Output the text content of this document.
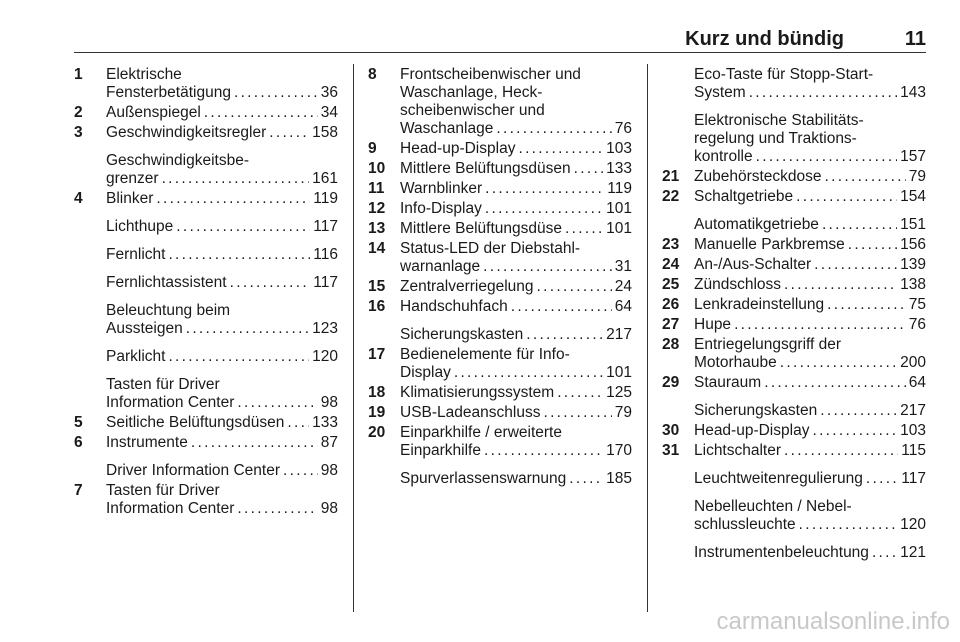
Kurz und bündig	11
1 Elektrische
Fensterbetätigung . . .	36
2 Außenspiegel . . .	34
3 Geschwindigkeitsregler . . .	158
Geschwindigkeitsbe-
grenzer . . .	161
4 Blinker . . .	119
Lichthupe . . .	117
Fernlicht . . .	116
Fernlichtassistent . . .	117
Beleuchtung beim
Aussteigen . . .	123
Parklicht . . .	120
Tasten für Driver
Information Center . . .	98
5 Seitliche Belüftungsdüsen . . . 133
6 Instrumente . . .	87
Driver Information Center . . .	98
7 Tasten für Driver
Information Center . . .	98
8 Frontscheibenwischer und
Waschanlage, Heck-
scheibenwischer und
Waschanlage . . .	76
9 Head-up-Display . . .	103
10 Mittlere Belüftungsdüsen . . . 133
11 Warnblinker . . .	119
12 Info-Display . . .	101
13 Mittlere Belüftungsdüse . . .	101
14 Status-LED der Diebstahl-
warnanlage . . .	31
15 Zentralverriegelung . . .	24
16 Handschuhfach . . .	64
Sicherungskasten . . .	217
17 Bedienelemente für Info-
Display . . .	101
18 Klimatisierungssystem . . .	125
19 USB-Ladeanschluss . . .	79
20 Einparkhilfe / erweiterte
Einparkhilfe . . .	170
Spurverlassenswarnung . . .	185
Eco-Taste für Stopp-Start-
System . . .	143
Elektronische Stabilitäts-
regelung und Traktions-
kontrolle . . .	157
21 Zubehörsteckdose . . .	79
22 Schaltgetriebe . . .	154
Automatikgetriebe . . .	151
23 Manuelle Parkbremse . . .	156
24 An-/Aus-Schalter . . .	139
25 Zündschloss . . .	138
26 Lenkradeinstellung . . .	75
27 Hupe . . .	76
28 Entriegelungsgriff der
Motorhaube . . .	200
29 Stauraum . . .	64
Sicherungskasten . . .	217
30 Head-up-Display . . .	103
31 Lichtschalter . . .	115
Leuchtweitenregulierung . . . 117
Nebelleuchten / Nebel-
schlussleuchte . . .	120
Instrumentenbeleuchtung . . . 121
carmanualsonline.info
